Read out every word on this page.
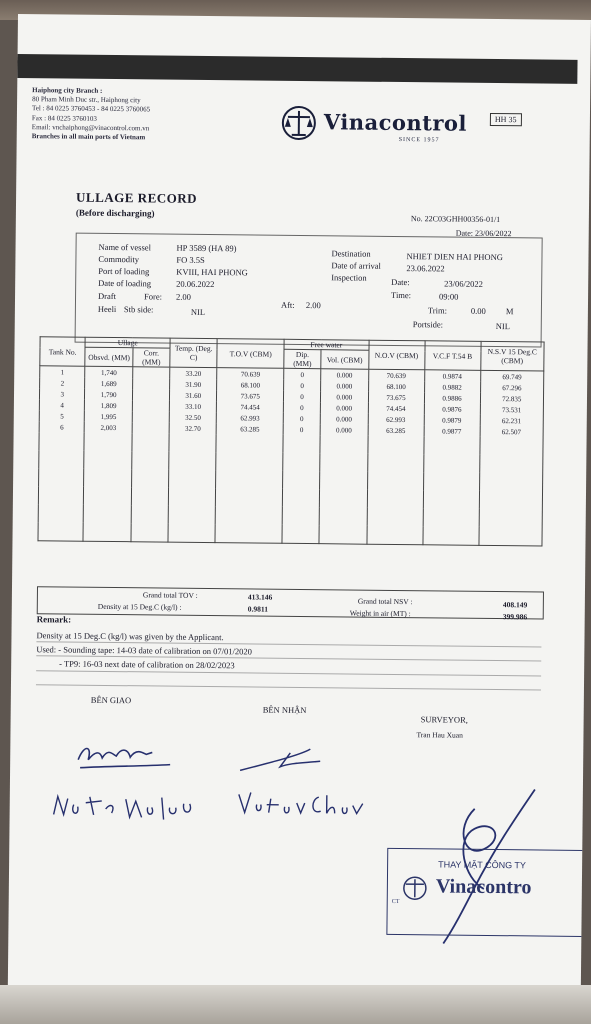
Haiphong city Branch :
80 Pham Minh Duc str., Haiphong city
Tel : 84 0225 3760453 - 84 0225 3760065
Fax : 84 0225 3760103
Email: vnchaiphong@vinacontrol.com.vn
Branches in all main ports of Vietnam
Vinacontrol
SINCE 1957
HH 35
ULLAGE RECORD
(Before discharging)
No. 22C03GHH00356-01/1
Date: 23/06/2022
Name of vessel	HP 3589 (HA 89)
Commodity	FO 3.5S
Port of loading	KVIII, HAI PHONG
Date of loading	20.06.2022
Draft	Fore: 2.00
Aft: 2.00
Heeli Stb side:	NIL
Destination	NHIET DIEN HAI PHONG
Date of arrival	23.06.2022
Inspection	Date:	23/06/2022
Time:	09:00
Trim:	0.00 M
Portside:	NIL
Tank No.	Ullage		Temp. (Deg. C)	T.O.V (CBM)	Free water		N.O.V (CBM)	V.C.F T.54 B	N.S.V 15 Deg.C (CBM)
	Obsvd. (MM)	Corr. (MM)			Dip. (MM)	Vol. (CBM)			
1	1,740		33.20	70.639	0	0.000	70.639	0.9874	69.749
2	1,689		31.90	68.100	0	0.000	68.100	0.9882	67.296
3	1,790		31.60	73.675	0	0.000	73.675	0.9886	72.835
4	1,809		33.10	74.454	0	0.000	74.454	0.9876	73.531
5	1,995		32.50	62.993	0	0.000	62.993	0.9879	62.231
6	2,003		32.70	63.285	0	0.000	63.285	0.9877	62.507

Grand total TOV :	413.146
Density at 15 Deg.C (kg/l) :	0.9811
Grand total NSV :	408.149
Weight in air (MT) :	399.986
Remark:
Density at 15 Deg.C (kg/l) was given by the Applicant.
Used: - Sounding tape: 14-03 date of calibration on 07/01/2020
- TP9: 16-03 next date of calibration on 28/02/2023
BÊN GIAO
BÊN NHẬN
SURVEYOR,
Tran Hau Xuan
THAY MẶT CÔNG TY
Vinacontro
CT
